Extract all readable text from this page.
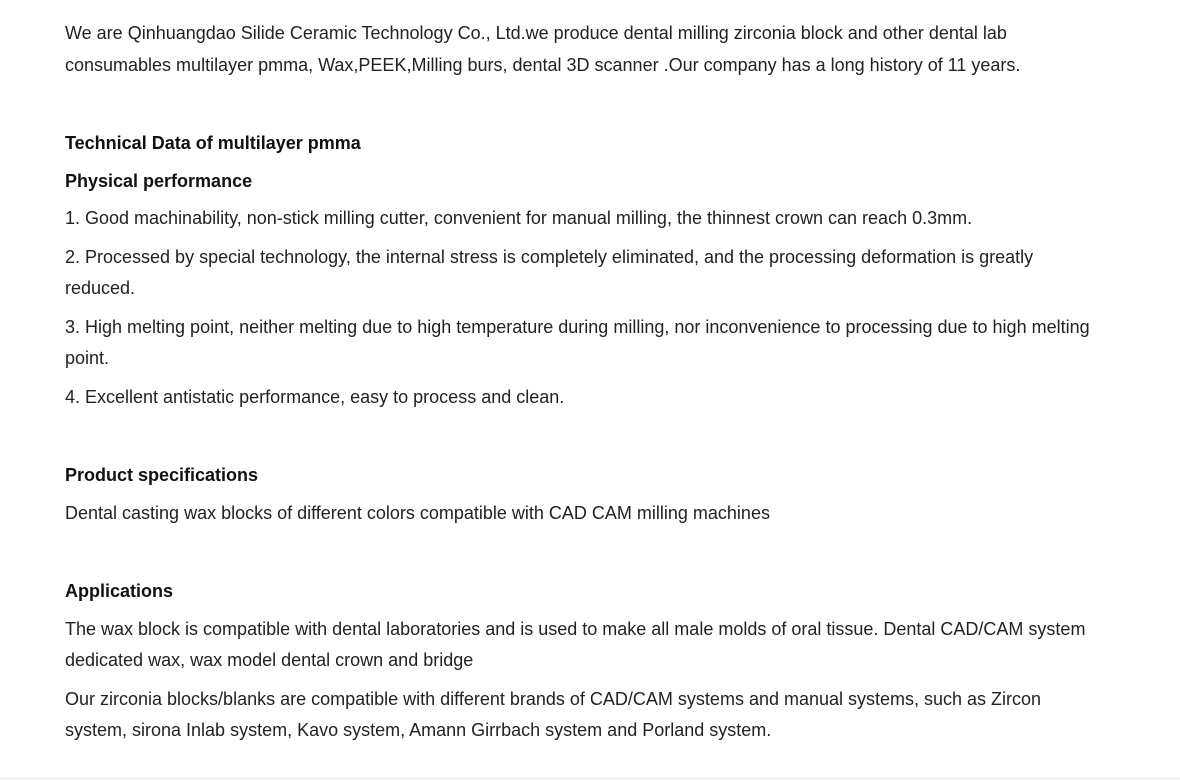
We are Qinhuangdao Silide Ceramic Technology Co., Ltd.we produce dental milling zirconia block and other dental lab consumables multilayer pmma, Wax,PEEK,Milling burs, dental 3D scanner .Our company has a long history of 11 years.

Technical Data of multilayer pmma

Physical performance

1. Good machinability, non-stick milling cutter, convenient for manual milling, the thinnest crown can reach 0.3mm.

2. Processed by special technology, the internal stress is completely eliminated, and the processing deformation is greatly reduced.

3. High melting point, neither melting due to high temperature during milling, nor inconvenience to processing due to high melting point.

4. Excellent antistatic performance, easy to process and clean.

Product specifications

Dental casting wax blocks of different colors compatible with CAD CAM milling machines

Applications

The wax block is compatible with dental laboratories and is used to make all male molds of oral tissue. Dental CAD/CAM system dedicated wax, wax model dental crown and bridge

Our zirconia blocks/blanks are compatible with different brands of CAD/CAM systems and manual systems, such as Zircon system, sirona Inlab system, Kavo system, Amann Girrbach system and Porland system.
